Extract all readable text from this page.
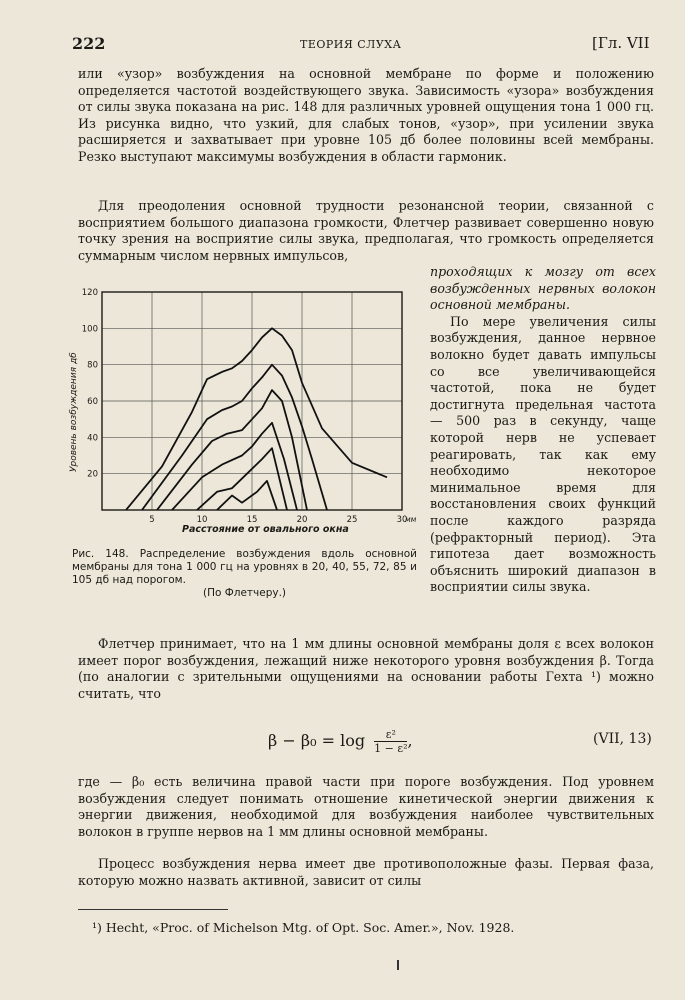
222	ТЕОРИЯ СЛУХА	[Гл. VII
или «узор» возбуждения на основной мембране по форме и положению определяется частотой воздействующего звука. Зависимость «узора» возбуждения от силы звука показана на рис. 148 для различных уровней ощущения тона 1 000 гц. Из рисунка видно, что узкий, для слабых тонов, «узор», при усилении звука расширяется и захватывает при уровне 105 дб более половины всей мембраны. Резко выступают максимумы возбуждения в области гармоник.
Для преодоления основной трудности резонансной теории, связанной с восприятием большого диапазона громкости, Флетчер развивает совершенно новую точку зрения на восприятие силы звука, предполагая, что громкость определяется суммарным числом нервных импульсов,
проходящих к мозгу от всех возбужденных нервных волокон основной мембраны.
По мере увеличения силы возбуждения, данное нервное волокно будет давать импульсы со все увеличивающейся частотой, пока не будет достигнута предельная частота — 500 раз в секунду, чаще которой нерв не успевает реагировать, так как ему необходимо некоторое минимальное время для восстановления своих функций после каждого разряда (рефракторный период). Эта гипотеза дает возможность объяснить широкий диапазон в восприятии силы звука.
5	10	15	20	25	30
20
40
60
80
100
120
мм
Уровень возбуждения дб
Расстояние от овального окна
Рис. 148. Распределение возбуждения вдоль основной мембраны для тона 1 000 гц на уровнях в 20, 40, 55, 72, 85 и 105 дб над порогом.
(По Флетчеру.)
Флетчер принимает, что на 1 мм длины основной мембраны доля ε всех волокон имеет порог возбуждения, лежащий ниже некоторого уровня возбуждения β. Тогда (по аналогии с зрительными ощущениями на основании работы Гехта ¹) можно считать, что
$\beta - \beta_0 = \log \frac{\text{ε²}}{\text{1 − ε²}}$ ,	(VII, 13)
где — β₀ есть величина правой части при пороге возбуждения. Под уровнем возбуждения следует понимать отношение кинетической энергии движения к энергии движения, необходимой для возбуждения наиболее чувствительных волокон в группе нервов на 1 мм длины основной мембраны.
Процесс возбуждения нерва имеет две противоположные фазы. Первая фаза, которую можно назвать активной, зависит от силы
¹) Hecht, «Proc. of Michelson Mtg. of Opt. Soc. Amer.», Nov. 1928.
